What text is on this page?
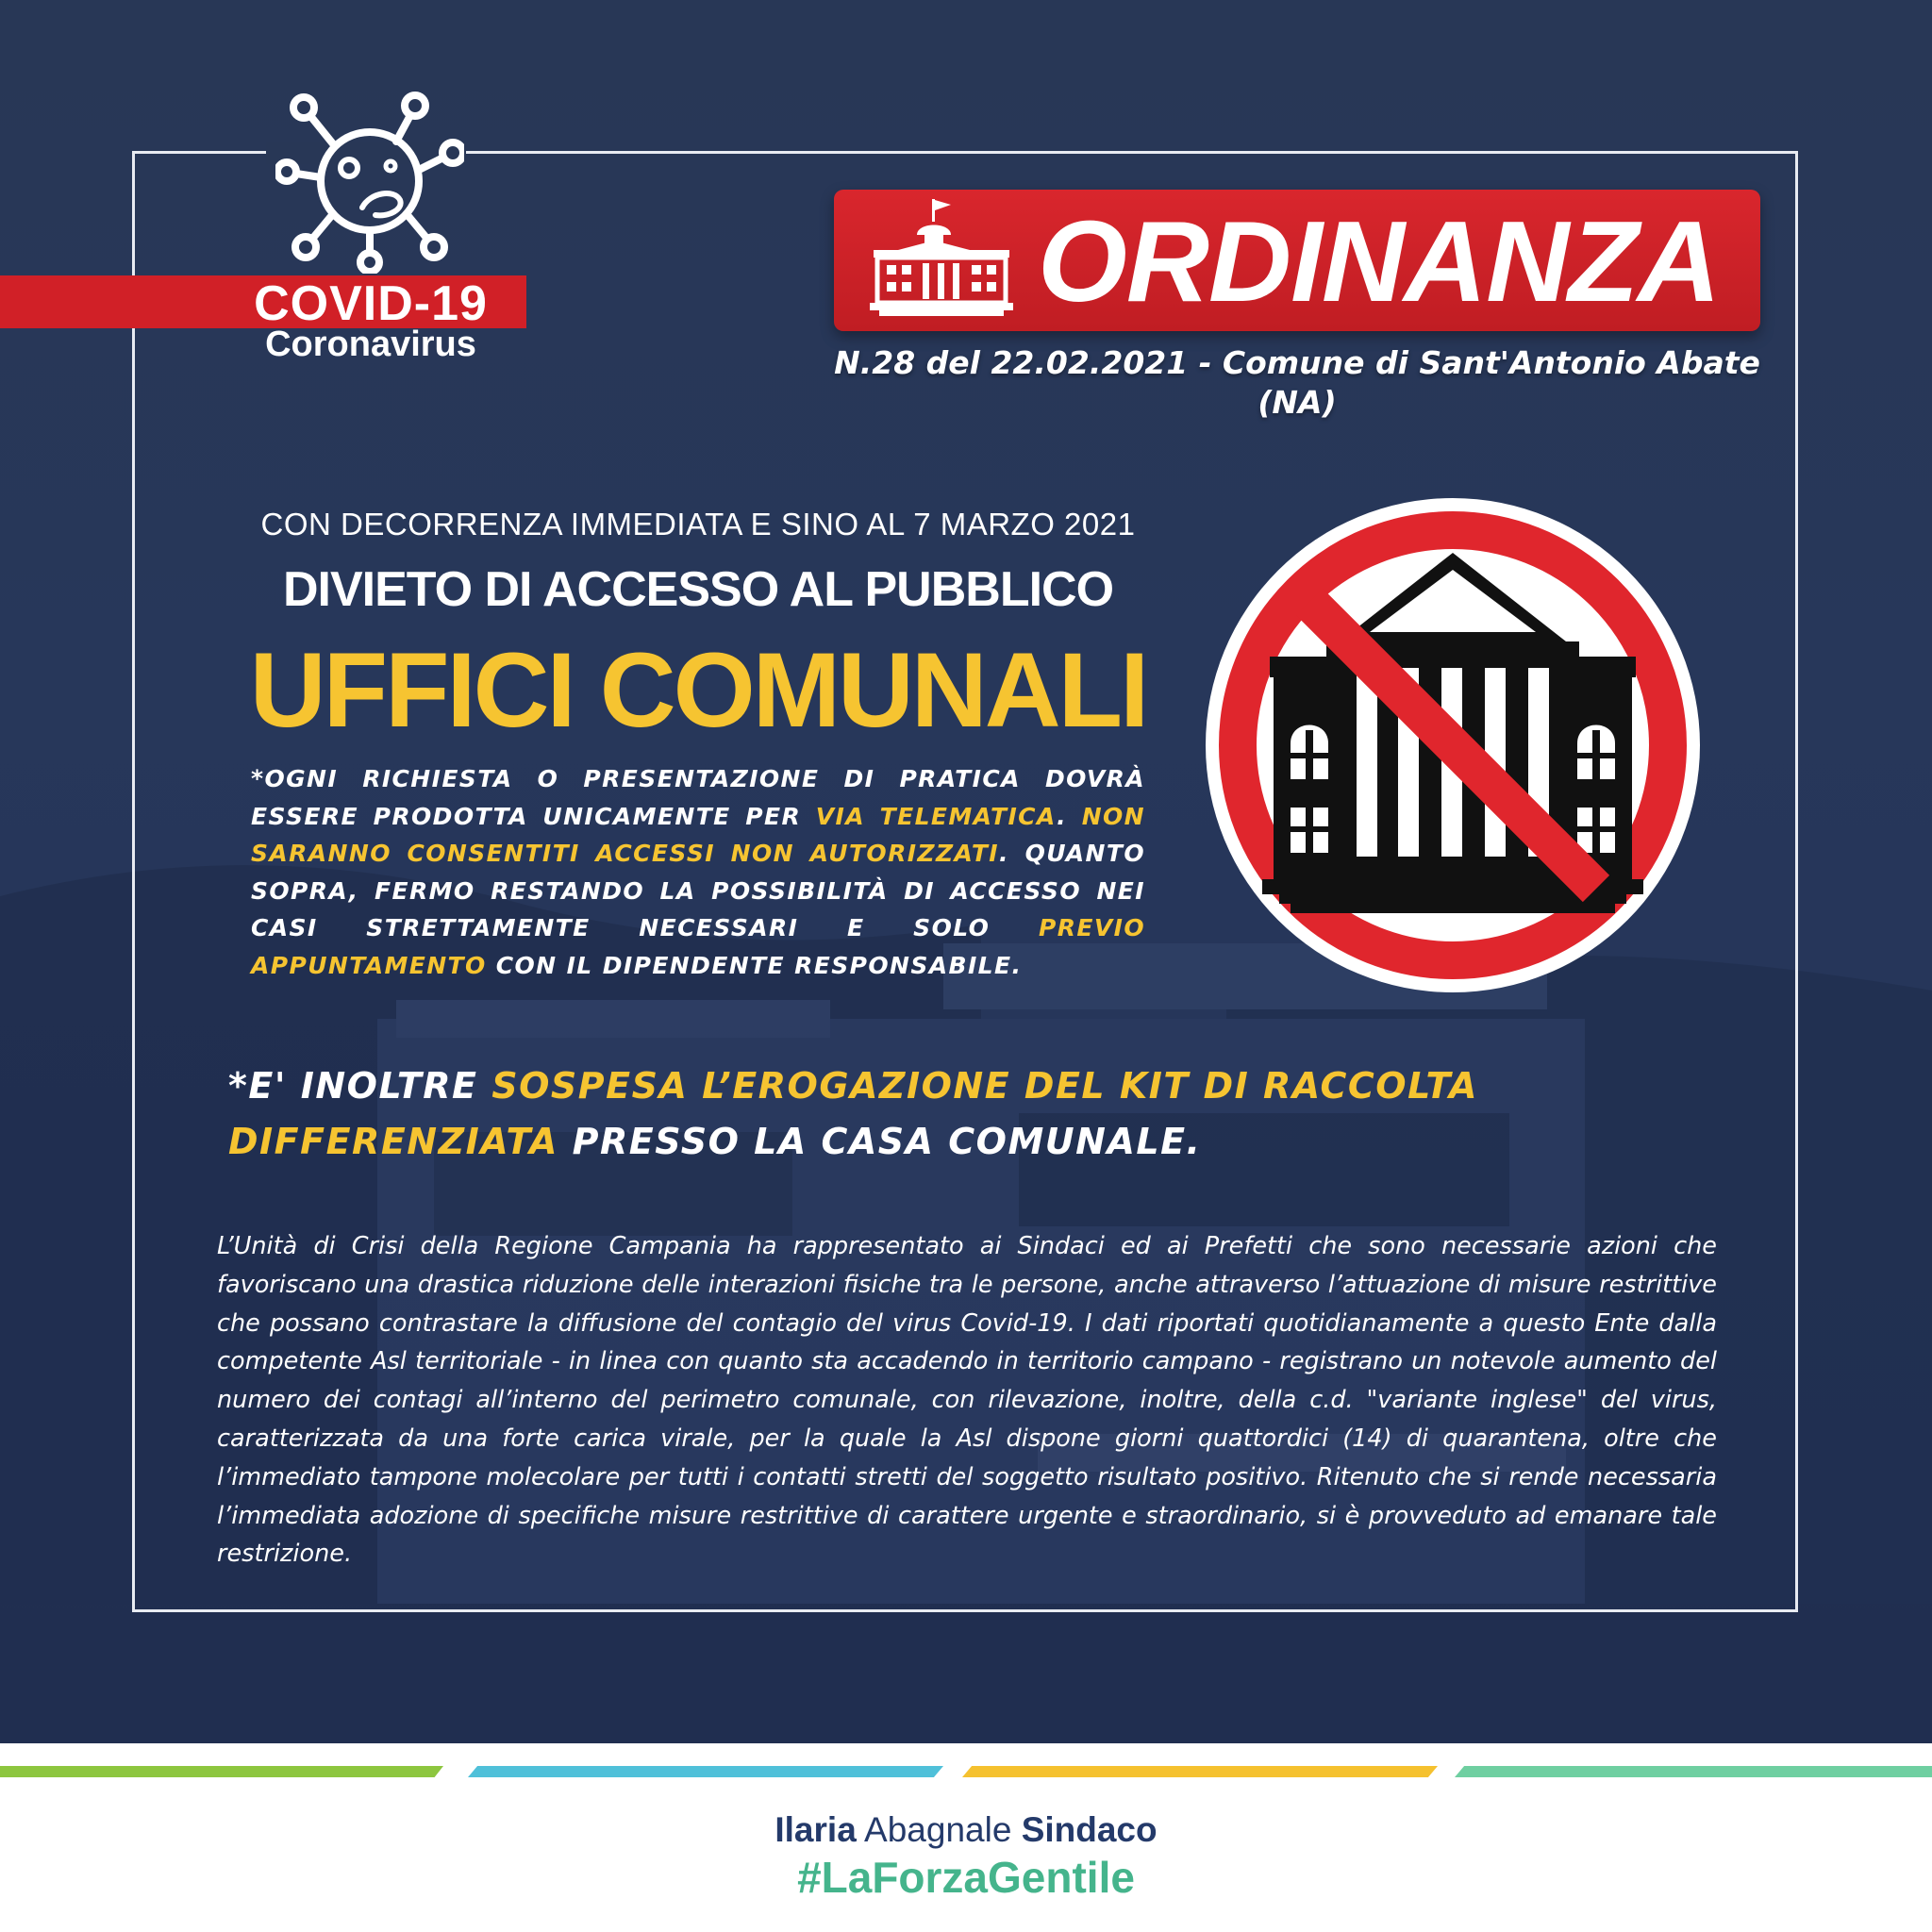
COVID-19
Coronavirus
ORDINANZA
N.28 del 22.02.2021 - Comune di Sant'Antonio Abate (NA)
CON DECORRENZA IMMEDIATA E SINO AL 7 MARZO 2021
DIVIETO DI ACCESSO AL PUBBLICO
UFFICI COMUNALI

*OGNI RICHIESTA O PRESENTAZIONE DI PRATICA DOVRÀ ESSERE PRODOTTA UNICAMENTE PER VIA TELEMATICA. NON SARANNO CONSENTITI ACCESSI NON AUTORIZZATI. QUANTO SOPRA, FERMO RESTANDO LA POSSIBILITÀ DI ACCESSO NEI CASI STRETTAMENTE NECESSARI E SOLO PREVIO APPUNTAMENTO CON IL DIPENDENTE RESPONSABILE.

*E' INOLTRE SOSPESA L’EROGAZIONE DEL KIT DI RACCOLTA DIFFERENZIATA PRESSO LA CASA COMUNALE.

L’Unità di Crisi della Regione Campania ha rappresentato ai Sindaci ed ai Prefetti che sono necessarie azioni che favoriscano una drastica riduzione delle interazioni fisiche tra le persone, anche attraverso l’attuazione di misure restrittive che possano contrastare la diffusione del contagio del virus Covid-19. I dati riportati quotidianamente a questo Ente dalla competente Asl territoriale - in linea con quanto sta accadendo in territorio campano - registrano un notevole aumento del numero dei contagi all’interno del perimetro comunale, con rilevazione, inoltre, della c.d. "variante inglese" del virus, caratterizzata da una forte carica virale, per la quale la Asl dispone giorni quattordici (14) di quarantena, oltre che l’immediato tampone molecolare per tutti i contatti stretti del soggetto risultato positivo. Ritenuto che si rende necessaria l’immediata adozione di specifiche misure restrittive di carattere urgente e straordinario, si è provveduto ad emanare tale restrizione.

Ilaria Abagnale Sindaco
#LaForzaGentile
